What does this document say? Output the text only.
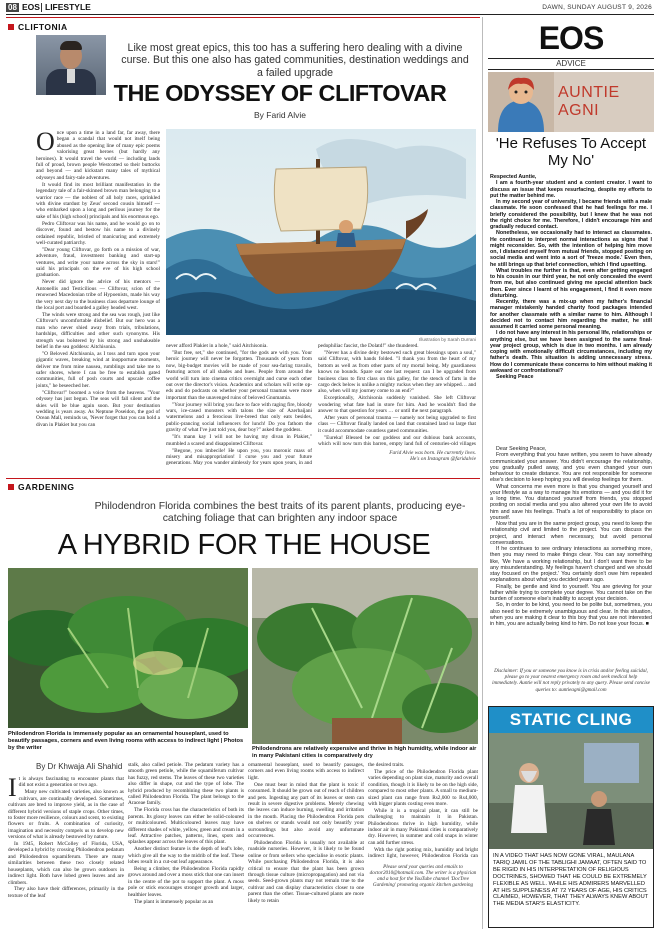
08 EOS LIFESTYLE	DAWN, SUNDAY AUGUST 9, 2026
CLIFTONIA
Like most great epics, this too has a suffering hero dealing with a divine curse. But this one also has gated communities, destination weddings and a failed upgrade
THE ODYSSEY OF CLIFTOVAR
By Farid Alvie
Illustration by Sarah Durrani
O nce upon a time in a land far, far away, there began a scandal that would not itself being abused as the opening line of many epic poems valorising great heroes (but hardly any heroines). It would travel the world — including lands full of proud, brown people Westcotted so their buttocks and beyond — and kickstart many tales of mythical odysseys and fairy-tale adventures.

It would find its most brilliant manifestation in the legendary tale of a fair-skinned brown man belonging to a warrior race — the noblest of all holy races, sprinkled with divine stardust by Zeus' second cousin himself — who embarked upon a long and perilous journey for the sake of his (high school) principals and his enormous ego.

Pedro Cliftovar was his name, and he would go on to discover, found and bestow his name to a divinely ordained republic, bristled of manicuring and extremely well-curated patriarchy.

"Dear young Cliftovar, go forth on a mission of war, adventure, fraud, investment banking and start-up ventures, and write your name across the sky in stars!" said his principals on the eve of his high school graduation.

Never did ignore the advice of his mentors — Antonellis and Testicilious — Cliftovar, scion of the renowned Macedonian tribe of Hypoenists, made his way the very next day to the business class departure lounge of the local port and boarded a galley headed west.

The winds were strong and the sea was rough, just like Cliftovar's uncomfortable disbelief. But our hero was a man who never shied away from trials, tribulations, hardships, difficulties and other such synonyms. His strength was bolstered by his strong and unshakeable belief in the sea goddess: Aitchisonia.

"O Beloved Aitchisonia, as I toss and turn upon your gigantic waves, breaking wind at inopportune moments, deliver me from mine nausea, rumblings and take me to safer shores, where I can be free to establish gated communities, full of posh courts and upscale coffee joints," he beseeched her.

"Cliftovar!" boomed a voice from the heavens. "Your odyssey has just begun. The seas will fall silent and the skies will be blue again soon. But your destination wedding is years away. As Neptune Poseidon, the god of Ocean Mall, reminds us, 'Never forget that you can hold a divan in Plakiet but you can

never afford Plakiet in a hole," said Aitchisonia.

"But free, set," she continued, "for the gods are with you. Your heroic journey will never be forgotten. Thousands of years from now, big-budget movies will be made of your sea-faring travails, featuring actors of all shades and hues. People from around the world will turn into cinema critics overnight and curse each other out over the director's vision. Academics and scholars will write op-eds and do podcasts on whether your personal traumas were more important than the unavenged ruins of beloved Gnumamia.

"Your journey will bring you face to face with raging fire, bloody wars, ice-cased monsters with talons the size of Azerbaijani watermelons and a ferocious live-breed that only eats besides, public-prancing social influencers for lunch! Do you fathom the gravity of what I've just told you, dear boy?" asked the goddess.

"It's mann kay I will not be having my divan in Plakiet," mumbled a scared and disappointed Cliftovar.

"Begone, you imbecile! He upon you, you moronic mass of misery and misappropriation! I curse you and your future generations. May you wander aimlessly for years upon years, in and

pedophiliac fascist, the Dolatd!" she thundered.

"Never has a divine deity bestowed such great blessings upon a soul," said Cliftovar, with hands folded. "I thank you from the heart of my bottom as well as from other parts of my mortal being. My guardianess knows no bounds. Spare our one last request: can I be upgraded from business class to first class on this galley, for the stench of farts in the cargo deck below is unlike a mighty ruckus when they are whipped… and also, when will my journey come to an end?"

Exceptionally, Aitchisonia suddenly vanished. She left Cliftovar wondering what fate had in store for him. And he wouldn't find the answer to that question for years … or until the next paragraph.

After years of personal trauma — namely not being upgraded to first class — Cliftovar finally landed on land that contained land so large that it could accommodate countless gated communities.

"Eureka! Blessed be our goddess and our dubious bank accounts, which will now turn this barren, empty land full of centuries-old villages

Farid Alvie was born. He currently lives. He's on Instagram @faridalvie
GARDENING
Philodendron Florida combines the best traits of its parent plants, producing eye-catching foliage that can brighten any indoor space
A HYBRID FOR THE HOUSE
Philodendron Florida is immensely popular as an ornamental houseplant, used to beautify passages, corners and even living rooms with access to indirect light | Photos by the writer	Philodendrons are relatively expensive and thrive in high humidity, while indoor air in many Pakistani cities is comparatively dry
By Dr Khwaja Ali Shahid
I t is always fascinating to encounter plants that did not exist a generation or two ago.

Many new cultivated varieties, also known as cultivars, are continually developed. Sometimes, cultivars are bred to improve yield, as in the case of different hybrid versions of staple crops. Other times, to foster more resilience, colours and scent, to existing flowers or fruits. A combination of curiosity, imagination and necessity compels us to develop new versions of what is already bestowed by nature.

In 1945, Robert McColley of Florida, USA, developed a hybrid by crossing Philodendron pedatum and Philodendron squamiferum. There are many similarities between these two closely related houseplants, which can also be grown outdoors in indirect light. Both have lobed green leaves and are climbers.

They also have their differences, primarily in the texture of the leaf

stalk, also called petiole. The pedatum variety has a smooth green petiole, while the squamiferum cultivar has fuzzy, red stems. The leaves of these two varieties also differ in shape, cut and the type of lobe. The hybrid produced by recombining these two plants is called Philodendron Florida. The plant belongs to the Araceae family.

The Florida cross has the characteristics of both its parents. Its glossy leaves can either be solid-coloured or multicoloured. Multicoloured leaves may have different shades of white, yellow, green and cream in a leaf. Attractive patches, patterns, lines, spots and splashes appear across the leaves of this plant.

Another distinct feature is the depth of leaf's lobe, which give all the way to the midrib of the leaf. These lobes result in a cut-out leaf appearance.

Being a climber, the Philodendron Florida rapidly grows around and over a moss stick that one can insert in the centre of the pot to support the plant. A moss pole or stick encourages stronger growth and larger, healthier leaves.

The plant is immensely popular as an

ornamental houseplant, used to beautify passages, corners and even living rooms with access to indirect light.

One must bear in mind that the plant is toxic if consumed. It should be grown out of reach of children and pets. Ingesting any part of its leaves or stem can result in severe digestive problems. Merely chewing the leaves can induce burning, swelling and irritation in the mouth. Placing the Philodendron Florida pots on shelves or stands would not only beautify your surroundings but also avoid any unfortunate occurrences.

Philodendron Florida is usually not available at roadside nurseries. However, it is likely to be found online or from sellers who specialise in exotic plants. While purchasing Philodendron Florida, it is also critical to ensure that the plant has been grown through tissue culture (micropropagation) and not via seeds. Seed-grown plants may not remain true to the cultivar and can display characteristics closer to one parent than the other. Tissue-cultured plants are more likely to retain

the desired traits.

The price of the Philodendron Florida plant varies depending on plant size, maturity and overall condition, though it is likely to be on the high side, compared to most other plants. A small to medium-sized plant can range from Rs2,000 to Rs4,000, with bigger plants costing even more.

While it is a tropical plant, it can still be challenging to maintain it in Pakistan. Philodendrons thrive in high humidity, while indoor air in many Pakistani cities is comparatively dry. However, in summer and cold snaps in winter can add further stress.

With the right potting mix, humidity and bright indirect light, however, Philodendron Florida can

Please send your queries and emails to doctor2010@hotmail.com. The writer is a physician and a host for the YouTube channel 'DocTree Gardening' promoting organic kitchen gardening
EOS
ADVICE
AUNTIE AGNI
'He Refuses To Accept My No'

Respected Auntie,

I am a fourth-year student and a content creator. I want to discuss an issue that keeps resurfacing, despite my efforts to put the matter behind me.

In my second year of university, I became friends with a male classmate. He soon confessed that he had feelings for me. I briefly considered the possibility, but I knew that he was not the right choice for me. Therefore, I didn't encourage him and gradually reduced contact.

Nonetheless, we occasionally had to interact as classmates. He continued to interpret normal interactions as signs that I might reconsider. So, with the intention of helping him move on, I distanced myself from mutual friends, stopped posting on social media and went into a sort of 'freeze mode.' Even then, he still brings up that brief connection, which I find upsetting.

What troubles me further is that, even after getting engaged to his cousin in our third year, he not only concealed the event from me, but also continued giving me special attention back then. Ever since I learnt of his engagement, I find it even more disturbing.

Recently, there was a mix-up when my father's financial manager mistakenly handed charity food packages intended for another classmate with a similar name to him. Although I decided not to contact him regarding the matter, he still assumed it carried some personal meaning.

I do not have any interest in his personal life, relationships or anything else, but we have been assigned to the same final-year project group, which is due in two months. I am already coping with emotionally difficult circumstances, including my father's death. This situation is adding unnecessary stress. How do I communicate these concerns to him without making it awkward or confrontational?

Seeking Peace

Dear Seeking Peace,

From everything that you have written, you seem to have already communicated your answer. You didn't encourage the relationship, you gradually pulled away, and you even changed your own behaviour to create distance. You are not responsible for someone else's decision to keep hoping you will develop feelings for them.

What concerns me even more is that you changed yourself and your lifestyle as a way to manage his emotions — and you did it for a long time. You distanced yourself from friends, you stopped posting on social media and you also altered your own life to avoid him and save his feelings. That's a lot of responsibility to place on yourself.

Now that you are in the same project group, you need to keep the relationship civil and limited to the project. You can discuss the project, and interact when necessary, but avoid personal conversations.

If he continues to see ordinary interactions as something more, then you may need to make things clear. You can say something like, 'We have a working relationship, but I don't want there to be any misunderstanding. My feelings haven't changed and we should stay focused on the project.' You certainly don't owe him repeated explanations about what you decided years ago.

Finally, be gentle and kind to yourself. You are grieving for your father while trying to complete your degree. You cannot take on the burden of someone else's inability to accept your decision.

So, in order to be kind, you need to be polite but, sometimes, you also need to be extremely unambiguous and clear. In this situation, when you are making it clear to this boy that you are not interested in him, you are actually being kind to him. Do not lose your focus. ■

Disclaimer: If you or someone you know is in crisis and/or feeling suicidal, please go to your nearest emergency room and seek medical help immediately. Auntie will not reply privately to any query. Please send concise queries to: auntieagni@gmail.com
STATIC CLING
IN A VIDEO THAT HAS NOW GONE VIRAL, MAULANA TARIQ JAMIL OF THE TABLIGHI JAMAAT, OFTEN SAID TO BE RIGID IN HIS INTERPRETATION OF RELIGIOUS DOCTRINES, SHOWED THAT HE COULD BE EXTREMELY FLEXIBLE AS WELL. WHILE HIS ADMIRERS MARVELLED AT HIS SUPPLENESS AT 72 YEARS OF AGE, HIS CRITICS CLAIMED, HOWEVER, THAT THEY ALWAYS KNEW ABOUT THE MEDIA STAR'S ELASTICITY.
